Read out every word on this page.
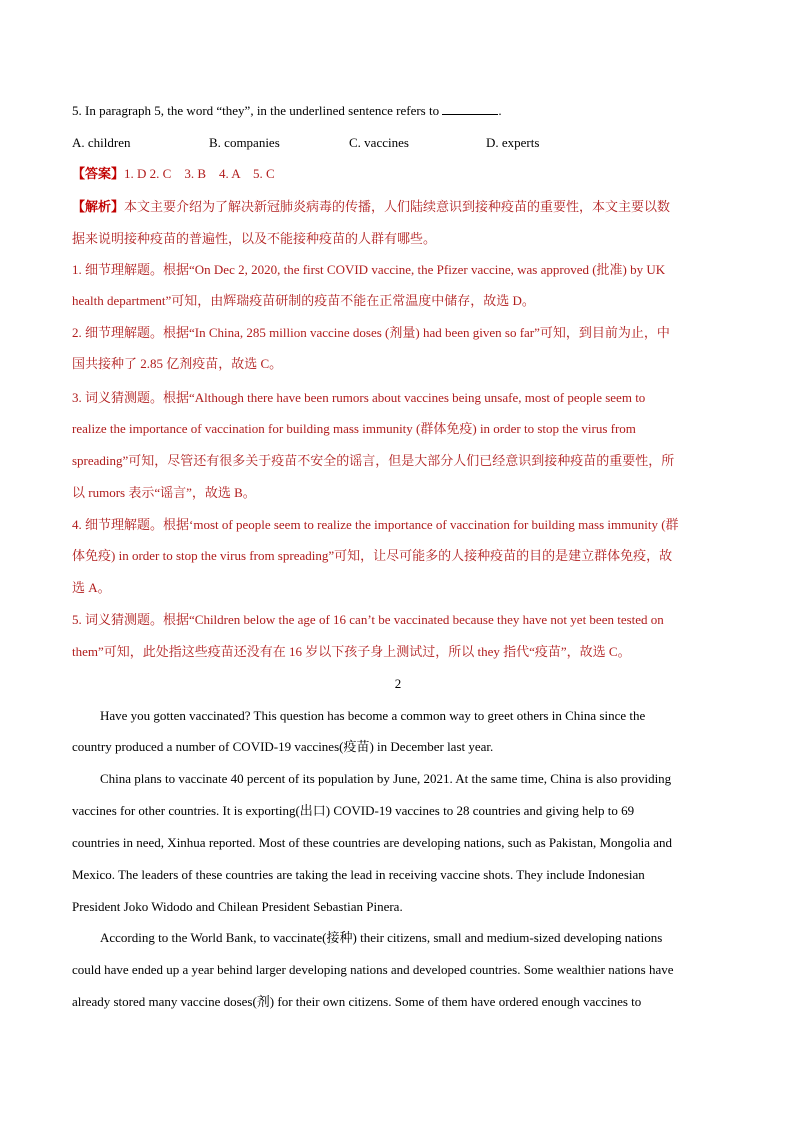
5. In paragraph 5, the word “they”, in the underlined sentence refers to	.
A. children	B. companies	C. vaccines	D. experts
【答案】1. D 2. C    3. B    4. A    5. C
【解析】本文主要介绍为了解决新冠肺炎病毒的传播，人们陆续意识到接种疫苗的重要性，本文主要以数
据来说明接种疫苗的普遍性，以及不能接种疫苗的人群有哪些。
1. 细节理解题。根据“On Dec 2, 2020, the first COVID vaccine, the Pfizer vaccine, was approved (批准) by UK
health department”可知，由辉瑞疫苗研制的疫苗不能在正常温度中储存，故选 D。
2. 细节理解题。根据“In China, 285 million vaccine doses (剂量) had been given so far”可知，到目前为止，中
国共接种了 2.85 亿剂疫苗，故选 C。
3. 词义猜测题。根据“Although there have been rumors about vaccines being unsafe, most of people seem to
realize the importance of vaccination for building mass immunity (群体免疫) in order to stop the virus from
spreading”可知，尽管还有很多关于疫苗不安全的谣言，但是大部分人们已经意识到接种疫苗的重要性，所
以 rumors 表示“谣言”，故选 B。
4. 细节理解题。根据‘most of people seem to realize the importance of vaccination for building mass immunity (群
体免疫) in order to stop the virus from spreading”可知，让尽可能多的人接种疫苗的目的是建立群体免疫，故
选 A。
5. 词义猜测题。根据“Children below the age of 16 can’t be vaccinated because they have not yet been tested on
them”可知，此处指这些疫苗还没有在 16 岁以下孩子身上测试过，所以 they 指代“疫苗”，故选 C。
2
Have you gotten vaccinated? This question has become a common way to greet others in China since the
country produced a number of COVID-19 vaccines(疫苗) in December last year.
China plans to vaccinate 40 percent of its population by June, 2021. At the same time, China is also providing
vaccines for other countries. It is exporting(出口) COVID-19 vaccines to 28 countries and giving help to 69
countries in need, Xinhua reported. Most of these countries are developing nations, such as Pakistan, Mongolia and
Mexico. The leaders of these countries are taking the lead in receiving vaccine shots. They include Indonesian
President Joko Widodo and Chilean President Sebastian Pinera.
According to the World Bank, to vaccinate(接种) their citizens, small and medium-sized developing nations
could have ended up a year behind larger developing nations and developed countries. Some wealthier nations have
already stored many vaccine doses(剂) for their own citizens. Some of them have ordered enough vaccines to
